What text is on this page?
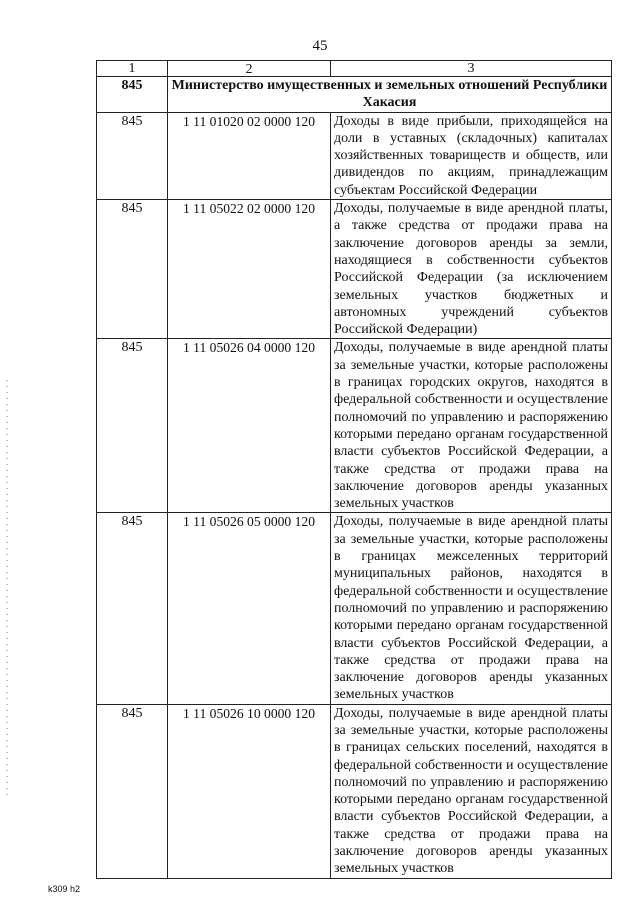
45
1	2	3
845	Министерство имущественных и земельных отношений Республики Хакасия	
845	1 11 01020 02 0000 120	Доходы в виде прибыли, приходящейся на доли в уставных (складочных) капиталах хозяйственных товариществ и обществ, или дивидендов по акциям, принадлежащим субъектам Российской Федерации
845	1 11 05022 02 0000 120	Доходы, получаемые в виде арендной платы, а также средства от продажи права на заключение договоров аренды за земли, находящиеся в собственности субъектов Российской Федерации (за исключением земельных участков бюджетных и автономных учреждений субъектов Российской Федерации)
845	1 11 05026 04 0000 120	Доходы, получаемые в виде арендной платы за земельные участки, которые расположены в границах городских округов, находятся в федеральной собственности и осуществление полномочий по управлению и распоряжению которыми передано органам государственной власти субъектов Российской Федерации, а также средства от продажи права на заключение договоров аренды указанных земельных участков
845	1 11 05026 05 0000 120	Доходы, получаемые в виде арендной платы за земельные участки, которые расположены в границах межселенных территорий муниципальных районов, находятся в федеральной собственности и осуществление полномочий по управлению и распоряжению которыми передано органам государственной власти субъектов Российской Федерации, а также средства от продажи права на заключение договоров аренды указанных земельных участков
845	1 11 05026 10 0000 120	Доходы, получаемые в виде арендной платы за земельные участки, которые расположены в границах сельских поселений, находятся в федеральной собственности и осуществление полномочий по управлению и распоряжению которыми передано органам государственной власти субъектов Российской Федерации, а также средства от продажи права на заключение договоров аренды указанных земельных участков
k309 h2
